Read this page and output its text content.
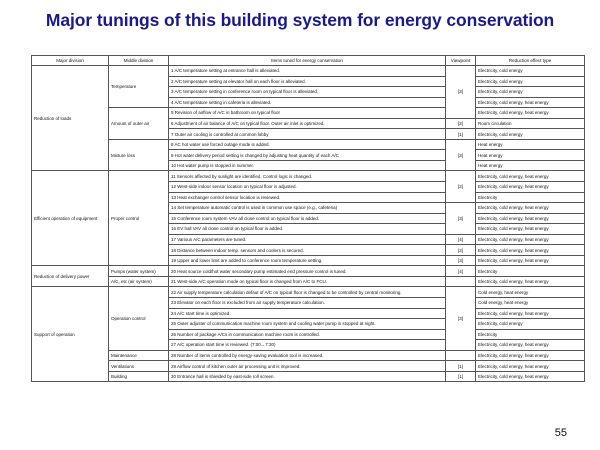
Major tunings of this building system for energy conservation
Major division	Middle division	Items tuned for energy conservation	Viewpoint	Reduction effect type
Reduction of loads	Temperature	1 A/C temperature setting at entrance hall is alleviated.	[3]	Electricity, cold energy
		2 A/C temperature setting at elevator hall on each floor is alleviated.		Electricity, cold energy
		3 A/C temperature setting in conference room on typical floor is alleviated.		Electricity, cold energy
		4 A/C temperature setting in cafeteria is alleviated.		Electricity, cold energy, heat energy
	Amount of outer air	5 Revision of airflow of A/C in bathroom on typical floor		Electricity, cold energy, heat energy
		6 Adjustment of air balance of A/C on typical floor. Outer air inlet is optimized.	[2]	Room circulation
		7 Outer air cooling is controlled at common lobby	[1]	Electricity, cold energy
	Mixture loss	8 AC hot water use forced outage mode is added.	[3]	Heat energy
		9 Hot water delivery period setting is changed by adjusting heat quantity of each A/C		Heat energy
		10 Hot water pump is stopped in summer.		Heat energy
Efficient operation of equipment	Proper control	11 Sensors affected by sunlight are identified. Control logic is changed.	[2]	Electricity, cold energy, heat energy
		12 West-side indoor sensor location on typical floor is adjusted.		Electricity, cold energy, heat energy
		13 Heat exchanger control sensor location is reviewed.		Electricity
		14 Set temperature automatic control is used in common use space (e.g., cafeteria)	[3]	Electricity, cold energy, heat energy
		15 Conference room system VAV all close control on typical floor is added.		Electricity, cold energy, heat energy
		16 EV hall VAV all close control on typical floor is added.		Electricity, cold energy, heat energy
		17 Various A/C parameters are tuned.	[4]	Electricity, cold energy, heat energy
		18 Distance between indoor temp. sensors and coolers is secured.	[2]	Electricity, cold energy, heat energy
		19 Upper and lower limit are added to conference room temperature setting.	[3]	Electricity, cold energy, heat energy
Reduction of delivery power	Pumps (water system)	20 Heat source cold/hot water secondary pump estimated end pressure control is tuned.	[4]	Electricity
	A/C, etc (air system)	21 West-side A/C operation mode on typical floor is changed from A/C to FCU.		Electricity, cold energy, heat energy
Support of operation	Operation control	22 Air supply temperature calculation defaut of A/C on typical floor is changed to be controlled by central monitoring.	[3]	Cold energy, heat energy
		23 Elevator on each floor is excluded from air supply temperature calculation.		Cold energy, heat energy
		24 A/C start time is optimized.		Electricity, cold energy, heat energy
		25 Outer adjuster of communication machine room system and cooling water pump is stopped at night.		Electricity, cold energy
		26 Number of package A/Cs in communication machine room is controlled.		Electricity
		27 A/C operation start time is reviewed. (7:00→7:30)		Electricity, cold energy, heat energy
	Maintenance	28 Number of items controlled by energy-saving evaluation tool is increased.		Electricity, cold energy, heat energy
	Ventilations	29 Airflow control of kitchen outer air processing unit is improved.	[1]	Electricity, cold energy, heat energy
	Building	30 Entrance hall is shielded by east-side roll screen.	[1]	Electricity, cold energy, heat energy
55
